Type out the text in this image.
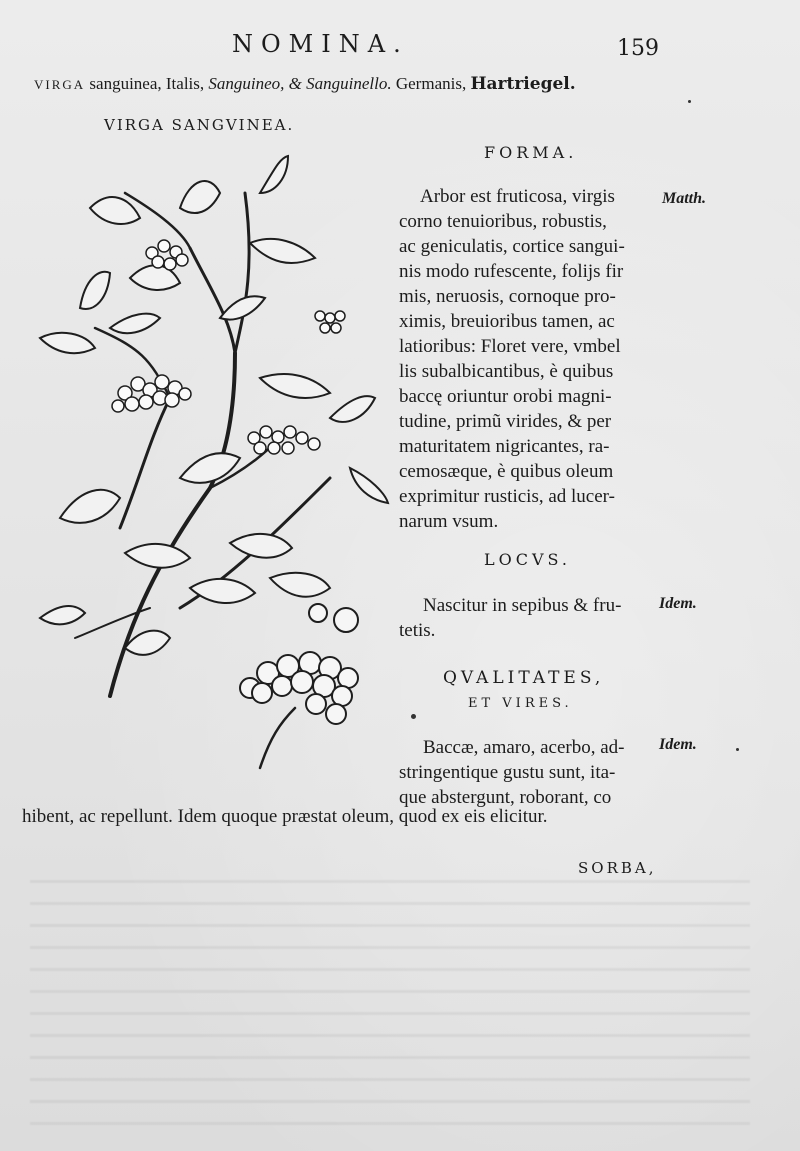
NOMINA.	159
VIRGA sanguinea, Italis, Sanguineo, & Sanguinello. Germanis, Hartriegel.
VIRGA SANGVINEA.
FORMA.
Matth.
Arbor est fruticosa, virgis
corno tenuioribus, robustis,
ac geniculatis, cortice sangui-
nis modo rufescente, folijs fir
mis, neruosis, cornoque pro-
ximis, breuioribus tamen, ac
latioribus: Floret vere, vmbel
lis subalbicantibus, è quibus
baccę oriuntur orobi magni-
tudine, primũ virides, & per
maturitatem nigricantes, ra-
cemosæque, è quibus oleum
exprimitur rusticis, ad lucer-
narum vsum.
LOCVS.
Idem.
Nascitur in sepibus & fru-
tetis.
QVALITATES,
ET VIRES.
Idem.
Baccæ, amaro, acerbo, ad-
stringentique gustu sunt, ita-
que abstergunt, roborant, co
hibent, ac repellunt. Idem quoque præstat oleum, quod ex eis elicitur.
SORBA,
